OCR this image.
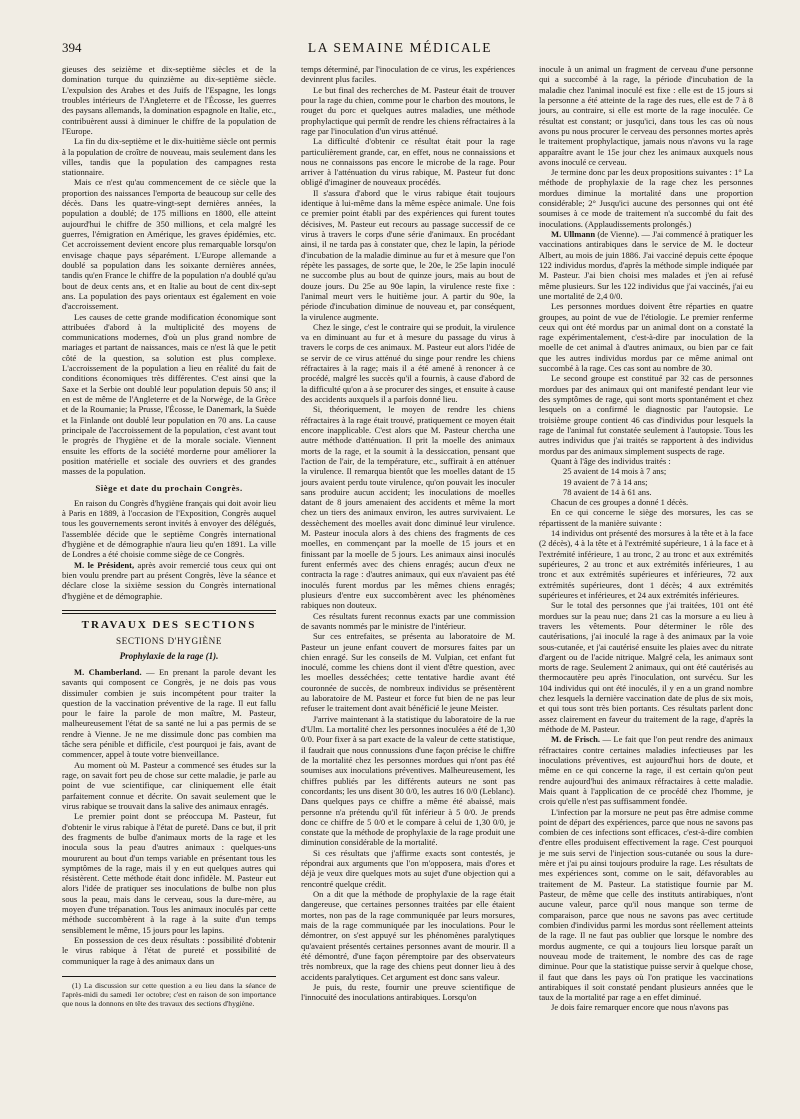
394	LA SEMAINE MÉDICALE

gieuses des seizième et dix-septième siècles et de la domination turque du quinzième au dix-septième siècle. L'expulsion des Arabes et des Juifs de l'Espagne, les longs troubles intérieurs de l'Angleterre et de l'Écosse, les guerres des paysans allemands, la domination espagnole en Italie, etc., contribuèrent aussi à diminuer le chiffre de la population de l'Europe.

La fin du dix-septième et le dix-huitième siècle ont permis à la population de croître de nouveau, mais seulement dans les villes, tandis que la population des campagnes resta stationnaire.

Mais ce n'est qu'au commencement de ce siècle que la proportion des naissances l'emporta de beaucoup sur celle des décès. Dans les quatre-vingt-sept dernières années, la population a doublé; de 175 millions en 1800, elle atteint aujourd'hui le chiffre de 350 millions, et cela malgré les guerres, l'émigration en Amérique, les graves épidémies, etc. Cet accroissement devient encore plus remarquable lorsqu'on envisage chaque pays séparément. L'Europe allemande a doublé sa population dans les soixante dernières années, tandis qu'en France le chiffre de la population n'a doublé qu'au bout de deux cents ans, et en Italie au bout de cent dix-sept ans. La population des pays orientaux est également en voie d'accroissement.

Les causes de cette grande modification économique sont attribuées d'abord à la multiplicité des moyens de communications modernes, d'où un plus grand nombre de mariages et partant de naissances, mais ce n'est là que le petit côté de la question, sa solution est plus complexe. L'accroissement de la population a lieu en réalité du fait de conditions économiques très différentes. C'est ainsi que la Saxe et la Serbie ont doublé leur population depuis 50 ans; il en est de même de l'Angleterre et de la Norwège, de la Grèce et de la Roumanie; la Prusse, l'Écosse, le Danemark, la Suède et la Finlande ont doublé leur population en 70 ans. La cause principale de l'accroissement de la population, c'est avant tout le progrès de l'hygiène et de la morale sociale. Viennent ensuite les efforts de la société morderne pour améliorer la position matérielle et sociale des ouvriers et des grandes masses de la population.

Siège et date du prochain Congrès.

En raison du Congrès d'hygiène français qui doit avoir lieu à Paris en 1889, à l'occasion de l'Exposition, Congrès auquel tous les gouvernements seront invités à envoyer des délégués, l'assemblée décide que le septième Congrès international d'hygiène et de démographie n'aura lieu qu'en 1891. La ville de Londres a été choisie comme siège de ce Congrès.

M. le Président, après avoir remercié tous ceux qui ont bien voulu prendre part au présent Congrès, lève la séance et déclare close la sixième session du Congrès international d'hygiène et de démographie.

TRAVAUX DES SECTIONS
SECTIONS D'HYGIÈNE
Prophylaxie de la rage (1).

M. Chamberland. — En prenant la parole devant les savants qui composent ce Congrès, je ne dois pas vous dissimuler combien je suis incompétent pour traiter la question de la vaccination préventive de la rage. Il eut fallu pour le faire la parole de mon maître, M. Pasteur, malheureusement l'état de sa santé ne lui a pas permis de se rendre à Vienne. Je ne me dissimule donc pas combien ma tâche sera pénible et difficile, c'est pourquoi je fais, avant de commencer, appel à toute votre bienveillance.

Au moment où M. Pasteur a commencé ses études sur la rage, on savait fort peu de chose sur cette maladie, je parle au point de vue scientifique, car cliniquement elle était parfaitement connue et décrite. On savait seulement que le virus rabique se trouvait dans la salive des animaux enragés.

Le premier point dont se préoccupa M. Pasteur, fut d'obtenir le virus rabique à l'état de pureté. Dans ce but, il prit des fragments de bulbe d'animaux morts de la rage et les inocula sous la peau d'autres animaux : quelques-uns moururent au bout d'un temps variable en présentant tous les symptômes de la rage, mais il y en eut quelques autres qui résistèrent. Cette méthode était donc infidèle. M. Pasteur eut alors l'idée de pratiquer ses inoculations de bulbe non plus sous la peau, mais dans le cerveau, sous la dure-mère, au moyen d'une trépanation. Tous les animaux inoculés par cette méthode succombèrent à la rage à la suite d'un temps sensiblement le même, 15 jours pour les lapins.

En possession de ces deux résultats : possibilité d'obtenir le virus rabique à l'état de pureté et possibilité de communiquer la rage à des animaux dans un

(1) La discussion sur cette question a eu lieu dans la séance de l'après-midi du samedi 1er octobre; c'est en raison de son importance que nous la donnons en tête des travaux des sections d'hygiène.

temps déterminé, par l'inoculation de ce virus, les expériences devinrent plus faciles.

Le but final des recherches de M. Pasteur était de trouver pour la rage du chien, comme pour le charbon des moutons, le rouget du porc et quelques autres maladies, une méthode prophylactique qui permît de rendre les chiens réfractaires à la rage par l'inoculation d'un virus atténué.

La difficulté d'obtenir ce résultat était pour la rage particulièrement grande, car, en effet, nous ne connaissions et nous ne connaissons pas encore le microbe de la rage. Pour arriver à l'atténuation du virus rabique, M. Pasteur fut donc obligé d'imaginer de nouveaux procédés.

Il s'assura d'abord que le virus rabique était toujours identique à lui-même dans la même espèce animale. Une fois ce premier point établi par des expériences qui furent toutes décisives, M. Pasteur eut recours au passage successif de ce virus à travers le corps d'une série d'animaux. En procédant ainsi, il ne tarda pas à constater que, chez le lapin, la période d'incubation de la maladie diminue au fur et à mesure que l'on répète les passages, de sorte que, le 20e, le 25e lapin inoculé ne succombe plus au bout de quinze jours, mais au bout de douze jours. Du 25e au 90e lapin, la virulence reste fixe : l'animal meurt vers le huitième jour. A partir du 90e, la période d'incubation diminue de nouveau et, par conséquent, la virulence augmente.

Chez le singe, c'est le contraire qui se produit, la virulence va en diminuant au fur et à mesure du passage du virus à travers le corps de ces animaux. M. Pasteur eut alors l'idée de se servir de ce virus atténué du singe pour rendre les chiens réfractaires à la rage; mais il a été amené à renoncer à ce procédé, malgré les succès qu'il a fournis, à cause d'abord de la difficulté qu'on a à se procurer des singes, et ensuite à cause des accidents auxquels il a parfois donné lieu.

Si, théoriquement, le moyen de rendre les chiens réfractaires à la rage était trouvé, pratiquement ce moyen était encore inapplicable. C'est alors que M. Pasteur chercha une autre méthode d'atténuation. Il prit la moelle des animaux morts de la rage, et la soumit à la dessiccation, pensant que l'action de l'air, de la température, etc., suffirait à en atténuer la virulence. Il remarqua bientôt que les moelles datant de 15 jours avaient perdu toute virulence, qu'on pouvait les inoculer sans produire aucun accident; les inoculations de moelles datant de 8 jours amenaient des accidents et même la mort chez un tiers des animaux environ, les autres survivaient. Le dessèchement des moelles avait donc diminué leur virulence. M. Pasteur inocula alors à des chiens des fragments de ces moelles, en commençant par la moelle de 15 jours et en finissant par la moelle de 5 jours. Les animaux ainsi inoculés furent enfermés avec des chiens enragés; aucun d'eux ne contracta la rage : d'autres animaux, qui eux n'avaient pas été inoculés furent mordus par les mêmes chiens enragés; plusieurs d'entre eux succombèrent avec les phénomènes rabiques non douteux.

Ces résultats furent reconnus exacts par une commission de savants nommés par le ministre de l'intérieur.

Sur ces entrefaites, se présenta au laboratoire de M. Pasteur un jeune enfant couvert de morsures faites par un chien enragé. Sur les conseils de M. Vulpian, cet enfant fut inoculé, comme les chiens dont il vient d'être question, avec les moelles desséchées; cette tentative hardie avant été couronnée de succès, de nombreux individus se présentèrent au laboratoire de M. Pasteur et force fut bien de ne pas leur refuser le traitement dont avait bénéficié le jeune Meister.

J'arrive maintenant à la statistique du laboratoire de la rue d'Ulm. La mortalité chez les personnes inoculées a été de 1,30 0/0. Pour fixer à sa part exacte de la valeur de cette statistique, il faudrait que nous connussions d'une façon précise le chiffre de la mortalité chez les personnes mordues qui n'ont pas été soumises aux inoculations préventives. Malheureusement, les chiffres publiés par les différents auteurs ne sont pas concordants; les uns disent 30 0/0, les autres 16 0/0 (Leblanc). Dans quelques pays ce chiffre a même été abaissé, mais personne n'a prétendu qu'il fût inférieur à 5 0/0. Je prends donc ce chiffre de 5 0/0 et le compare à celui de 1,30 0/0, je constate que la méthode de prophylaxie de la rage produit une diminution considérable de la mortalité.

Si ces résultats que j'affirme exacts sont contestés, je répondrai aux arguments que l'on m'opposera, mais d'ores et déjà je veux dire quelques mots au sujet d'une objection qui a rencontré quelque crédit.

On a dit que la méthode de prophylaxie de la rage était dangereuse, que certaines personnes traitées par elle étaient mortes, non pas de la rage communiquée par leurs morsures, mais de la rage communiquée par les inoculations. Pour le démontrer, on s'est appuyé sur les phénomènes paralytiques qu'avaient présentés certaines personnes avant de mourir. Il a été démontré, d'une façon péremptoire par des observateurs très nombreux, que la rage des chiens peut donner lieu à des accidents paralytiques. Cet argument est donc sans valeur.

Je puis, du reste, fournir une preuve scientifique de l'innocuité des inoculations antirabiques. Lorsqu'on

inocule à un animal un fragment de cerveau d'une personne qui a succombé à la rage, la période d'incubation de la maladie chez l'animal inoculé est fixe : elle est de 15 jours si la personne a été atteinte de la rage des rues, elle est de 7 à 8 jours, au contraire, si elle est morte de la rage inoculée. Ce résultat est constant; or jusqu'ici, dans tous les cas où nous avons pu nous procurer le cerveau des personnes mortes après le traitement prophylactique, jamais nous n'avons vu la rage apparaître avant le 15e jour chez les animaux auxquels nous avons inoculé ce cerveau.

Je termine donc par les deux propositions suivantes : 1° La méthode de prophylaxie de la rage chez les personnes mordues diminue la mortalité dans une proportion considérable; 2° Jusqu'ici aucune des personnes qui ont été soumises à ce mode de traitement n'a succombé du fait des inoculations. (Applaudissements prolongés.)

M. Ullmann (de Vienne). — J'ai commencé à pratiquer les vaccinations antirabiques dans le service de M. le docteur Albert, au mois de juin 1886. J'ai vacciné depuis cette époque 122 individus mordus, d'après la méthode simple indiquée par M. Pasteur. J'ai bien choisi mes malades et j'en ai refusé même plusieurs. Sur les 122 individus que j'ai vaccinés, j'ai eu une mortalité de 2,4 0/0.

Les personnes mordues doivent être réparties en quatre groupes, au point de vue de l'étiologie. Le premier renferme ceux qui ont été mordus par un animal dont on a constaté la rage expérimentalement, c'est-à-dire par inoculation de la moelle de cet animal à d'autres animaux, ou bien par ce fait que les autres individus mordus par ce même animal ont succombé à la rage. Ces cas sont au nombre de 30.

Le second groupe est constitué par 32 cas de personnes mordues par des animaux qui ont manifesté pendant leur vie des symptômes de rage, qui sont morts spontanément et chez lesquels on a confirmé le diagnostic par l'autopsie. Le troisième groupe contient 46 cas d'individus pour lesquels la rage de l'animal fut constatée seulement à l'autopsie. Tous les autres individus que j'ai traités se rapportent à des individus mordus par des animaux simplement suspects de rage.

Quant à l'âge des individus traités :

25 avaient de 14 mois à 7 ans;

19 avaient de 7 à 14 ans;

78 avaient de 14 à 61 ans.

Chacun de ces groupes a donné 1 décès.

En ce qui concerne le siège des morsures, les cas se répartissent de la manière suivante :

14 individus ont présenté des morsures à la tête et à la face (2 décès), 4 à la tête et à l'extrémité supérieure, 1 à la face et à l'extrémité inférieure, 1 au tronc, 2 au tronc et aux extrémités supérieures, 2 au tronc et aux extrémités inférieures, 1 au tronc et aux extrémités supérieures et inférieures, 72 aux extrémités supérieures, dont 1 décès; 4 aux extrémités supérieures et inférieures, et 24 aux extrémités inférieures.

Sur le total des personnes que j'ai traitées, 101 ont été mordues sur la peau nue; dans 21 cas la morsure a eu lieu à travers les vêtements. Pour déterminer le rôle des cautérisations, j'ai inoculé la rage à des animaux par la voie sous-cutanée, et j'ai cautérisé ensuite les plaies avec du nitrate d'argent ou de l'acide nitrique. Malgré cela, les animaux sont morts de rage. Seulement 2 animaux, qui ont été cautérisés au thermocautère peu après l'inoculation, ont survécu. Sur les 104 individus qui ont été inoculés, il y en a un grand nombre chez lesquels la dernière vaccination date de plus de six mois, et qui tous sont très bien portants. Ces résultats parlent donc assez clairement en faveur du traitement de la rage, d'après la méthode de M. Pasteur.

M. de Frisch. — Le fait que l'on peut rendre des animaux réfractaires contre certaines maladies infectieuses par les inoculations préventives, est aujourd'hui hors de doute, et même en ce qui concerne la rage, il est certain qu'on peut rendre aujourd'hui des animaux réfractaires à cette maladie. Mais quant à l'application de ce procédé chez l'homme, je crois qu'elle n'est pas suffisamment fondée.

L'infection par la morsure ne peut pas être admise comme point de départ des expériences, parce que nous ne savons pas combien de ces infections sont efficaces, c'est-à-dire combien d'entre elles produisent effectivement la rage. C'est pourquoi je me suis servi de l'injection sous-cutanée ou sous la dure-mère et j'ai pu ainsi toujours produire la rage. Les résultats de mes expériences sont, comme on le sait, défavorables au traitement de M. Pasteur. La statistique fournie par M. Pasteur, de même que celle des instituts antirabiques, n'ont aucune valeur, parce qu'il nous manque son terme de comparaison, parce que nous ne savons pas avec certitude combien d'individus parmi les mordus sont réellement atteints de la rage. Il ne faut pas oublier que lorsque le nombre des mordus augmente, ce qui a toujours lieu lorsque paraît un nouveau mode de traitement, le nombre des cas de rage diminue. Pour que la statistique puisse servir à quelque chose, il faut que dans les pays où l'on pratique les vaccinations antirabiques il soit constaté pendant plusieurs années que le taux de la mortalité par rage a en effet diminué.

Je dois faire remarquer encore que nous n'avons pas
